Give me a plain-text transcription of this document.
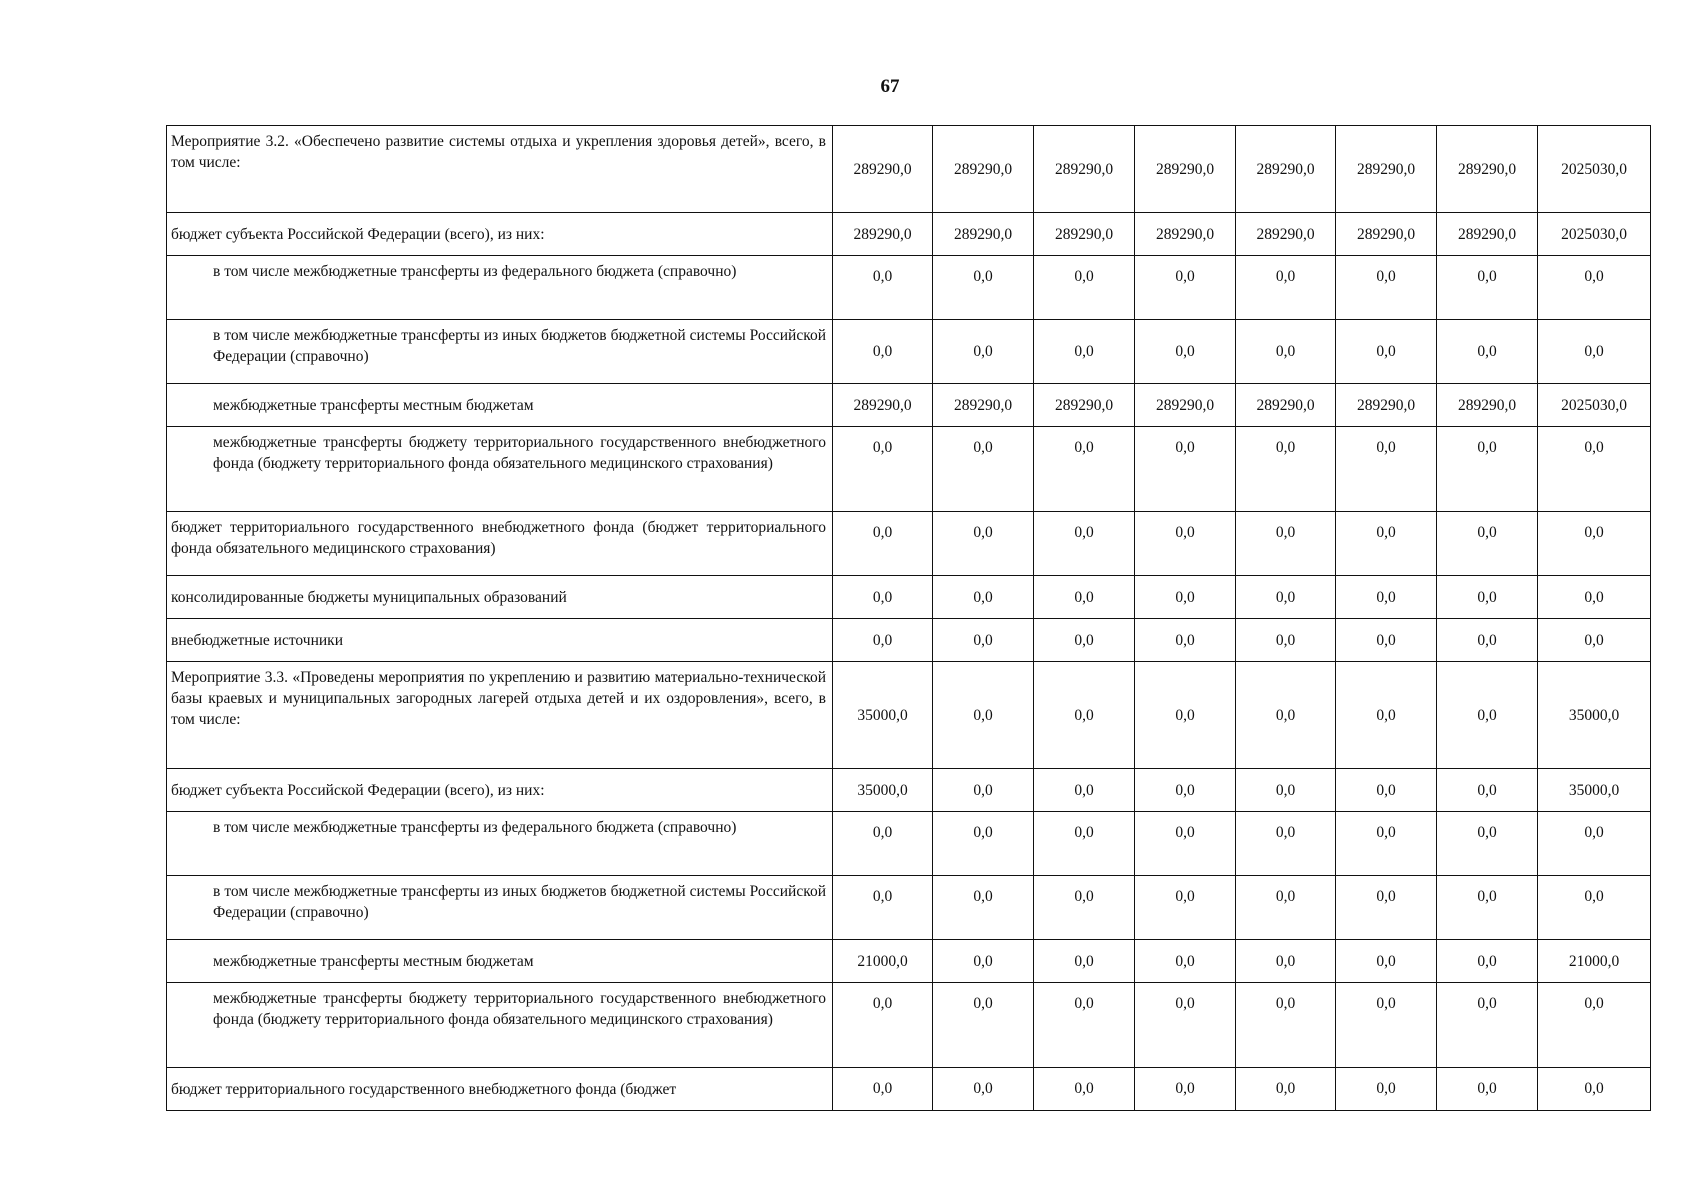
67
Мероприятие 3.2. «Обеспечено развитие системы отдыха и укрепления здоровья детей», всего, в том числе:	289290,0	289290,0	289290,0	289290,0	289290,0	289290,0	289290,0	2025030,0
бюджет субъекта Российской Федерации (всего), из них:	289290,0	289290,0	289290,0	289290,0	289290,0	289290,0	289290,0	2025030,0
в том числе межбюджетные трансферты из федерального бюджета (справочно)	0,0	0,0	0,0	0,0	0,0	0,0	0,0	0,0
в том числе межбюджетные трансферты из иных бюджетов бюджетной системы Российской Федерации (справочно)	0,0	0,0	0,0	0,0	0,0	0,0	0,0	0,0
межбюджетные трансферты местным бюджетам	289290,0	289290,0	289290,0	289290,0	289290,0	289290,0	289290,0	2025030,0
межбюджетные трансферты бюджету территориального государственного внебюджетного фонда (бюджету территориального фонда обязательного медицинского страхования)	0,0	0,0	0,0	0,0	0,0	0,0	0,0	0,0
бюджет территориального государственного внебюджетного фонда (бюджет территориального фонда обязательного медицинского страхования)	0,0	0,0	0,0	0,0	0,0	0,0	0,0	0,0
консолидированные бюджеты муниципальных образований	0,0	0,0	0,0	0,0	0,0	0,0	0,0	0,0
внебюджетные источники	0,0	0,0	0,0	0,0	0,0	0,0	0,0	0,0
Мероприятие 3.3. «Проведены мероприятия по укреплению и развитию материально-технической базы краевых и муниципальных загородных лагерей отдыха детей и их оздоровления», всего, в том числе:	35000,0	0,0	0,0	0,0	0,0	0,0	0,0	35000,0
бюджет субъекта Российской Федерации (всего), из них:	35000,0	0,0	0,0	0,0	0,0	0,0	0,0	35000,0
в том числе межбюджетные трансферты из федерального бюджета (справочно)	0,0	0,0	0,0	0,0	0,0	0,0	0,0	0,0
в том числе межбюджетные трансферты из иных бюджетов бюджетной системы Российской Федерации (справочно)	0,0	0,0	0,0	0,0	0,0	0,0	0,0	0,0
межбюджетные трансферты местным бюджетам	21000,0	0,0	0,0	0,0	0,0	0,0	0,0	21000,0
межбюджетные трансферты бюджету территориального государственного внебюджетного фонда (бюджету территориального фонда обязательного медицинского страхования)	0,0	0,0	0,0	0,0	0,0	0,0	0,0	0,0
бюджет территориального государственного внебюджетного фонда (бюджет	0,0	0,0	0,0	0,0	0,0	0,0	0,0	0,0
